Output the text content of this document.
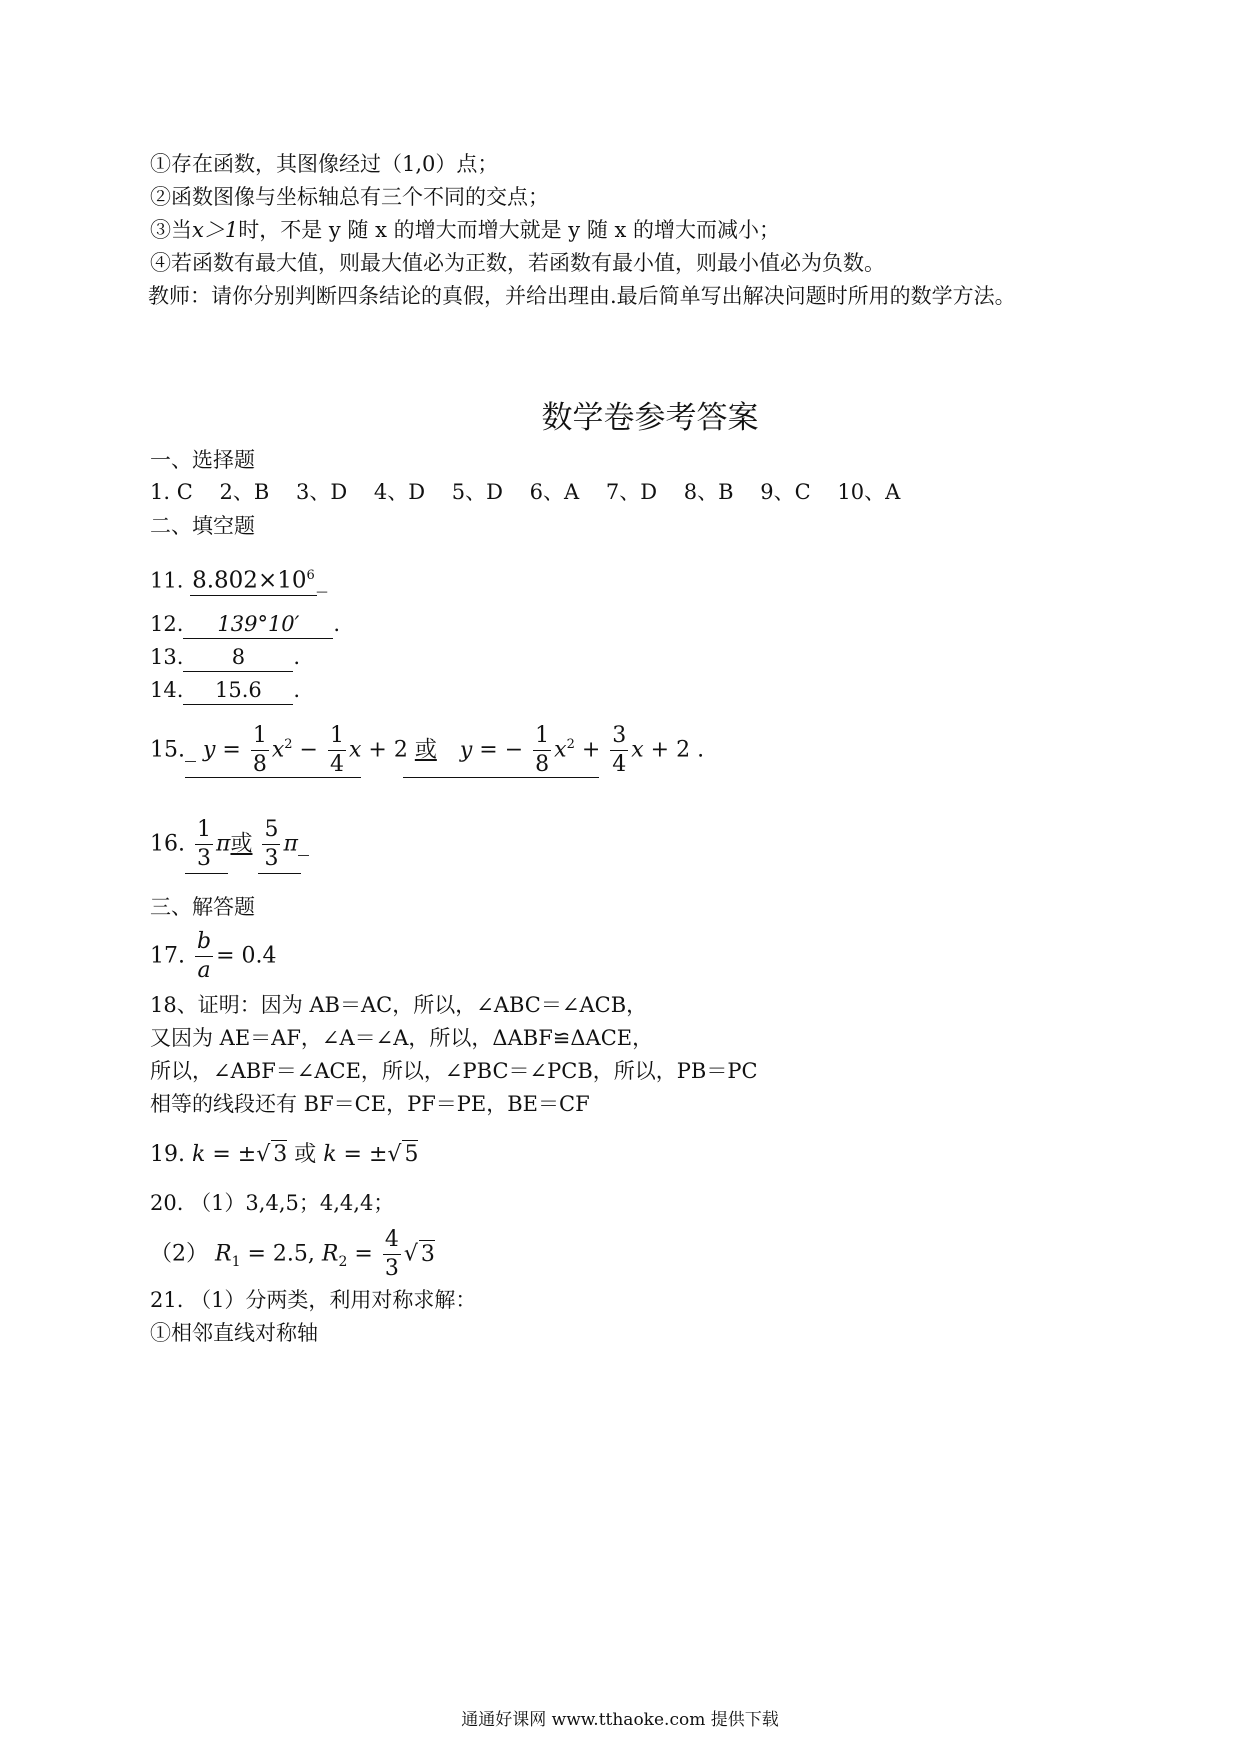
①存在函数，其图像经过（1,0）点；
②函数图像与坐标轴总有三个不同的交点；
③当x＞1时，不是 y 随 x 的增大而增大就是 y 随 x 的增大而减小；
④若函数有最大值，则最大值必为正数，若函数有最小值，则最小值必为负数。
教师：请你分别判断四条结论的真假，并给出理由.最后简单写出解决问题时所用的数学方法。
数学卷参考答案
一、选择题
1. C 2、B 3、D 4、D 5、D 6、A 7、D 8、B 9、C 10、A
二、填空题
11. $8.802\times 10^6\_$
12. 139°10′ .
13. 8 .
14. 15.6 .
15._ $y = \frac{1}{8} x^2 - \frac{1}{4}$ x + 2 或 y = − $\frac{1}{8} x^2 + \frac{3}{4}$ x + 2 .
16. $\frac{1}{3}$ π或 $\frac{5}{3}$ π_
三、解答题
17. $\frac{b}{a} = 0.4$
18、证明：因为 AB＝AC，所以，∠ABC＝∠ACB，
又因为 AE＝AF，∠A＝∠A，所以，ΔABF≌ΔACE，
所以，∠ABF＝∠ACE，所以，∠PBC＝∠PCB，所以，PB＝PC
相等的线段还有 BF＝CE，PF＝PE，BE＝CF
19. k = ±√ 3 或 k = ±√ 5
20. （1）3,4,5；4,4,4；
（2） $R_1 = 2.5$, $R_2 = \frac{4}{3}$ √ 3
21. （1）分两类，利用对称求解：
①相邻直线对称轴
通通好课网 www.tthaoke.com 提供下载
